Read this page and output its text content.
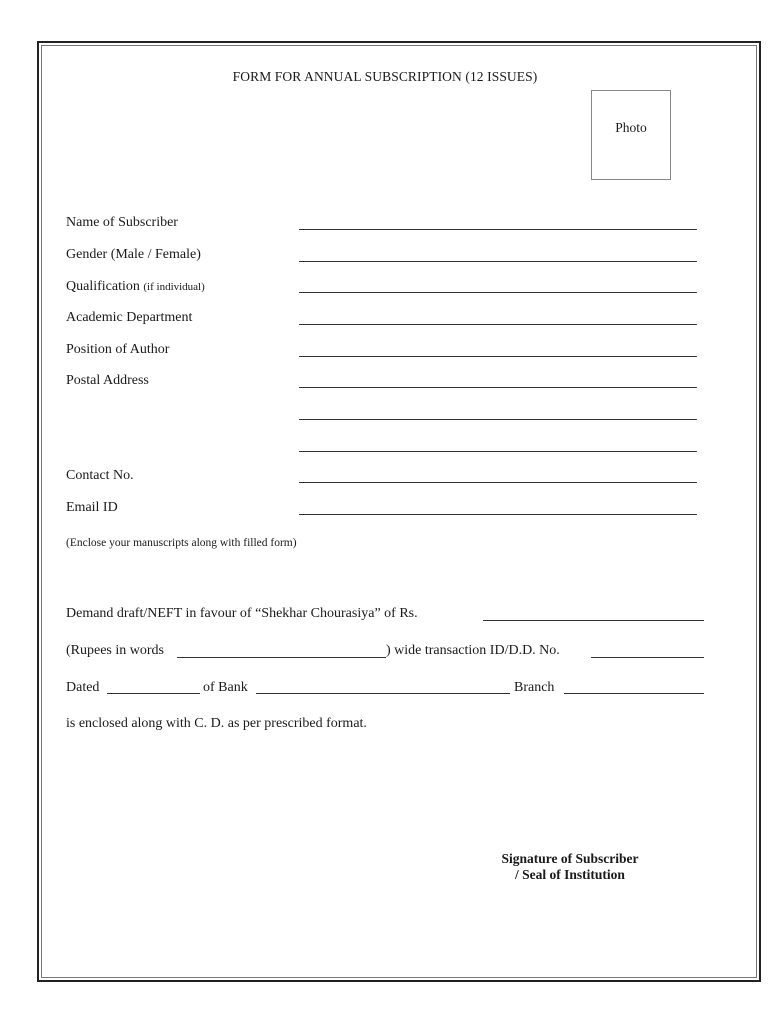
FORM FOR ANNUAL SUBSCRIPTION (12 ISSUES)
Photo
Name of Subscriber
Gender (Male / Female)
Qualification (if individual)
Academic Department
Position of Author
Postal Address
Contact No.
Email ID
(Enclose your manuscripts along with filled form)
Demand draft/NEFT in favour of “Shekhar Chourasiya” of Rs.
(Rupees in words	) wide transaction ID/D.D. No.
Dated	of Bank	Branch
is enclosed along with C. D. as per prescribed format.
Signature of Subscriber
/ Seal of Institution
